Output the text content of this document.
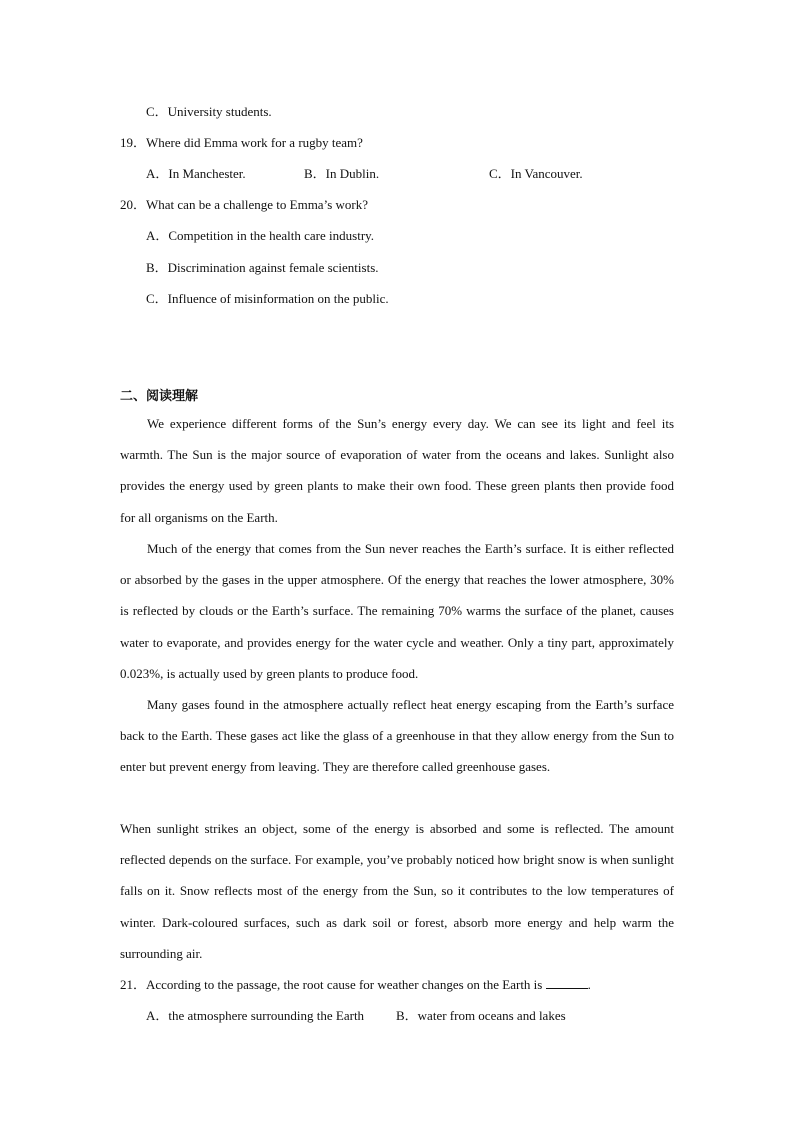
C．University students.
19．Where did Emma work for a rugby team?
A．In Manchester.	B．In Dublin.	C．In Vancouver.
20．What can be a challenge to Emma’s work?
A．Competition in the health care industry.
B．Discrimination against female scientists.
C．Influence of misinformation on the public.
二、阅读理解

We experience different forms of the Sun’s energy every day. We can see its light and feel its warmth. The Sun is the major source of evaporation of water from the oceans and lakes. Sunlight also provides the energy used by green plants to make their own food. These green plants then provide food for all organisms on the Earth.

Much of the energy that comes from the Sun never reaches the Earth’s surface. It is either reflected or absorbed by the gases in the upper atmosphere. Of the energy that reaches the lower atmosphere, 30% is reflected by clouds or the Earth’s surface. The remaining 70% warms the surface of the planet, causes water to evaporate, and provides energy for the water cycle and weather. Only a tiny part, approximately 0.023%, is actually used by green plants to produce food.

Many gases found in the atmosphere actually reflect heat energy escaping from the Earth’s surface back to the Earth. These gases act like the glass of a greenhouse in that they allow energy from the Sun to enter but prevent energy from leaving. They are therefore called greenhouse gases.

When sunlight strikes an object, some of the energy is absorbed and some is reflected. The amount reflected depends on the surface. For example, you’ve probably noticed how bright snow is when sunlight falls on it. Snow reflects most of the energy from the Sun, so it contributes to the low temperatures of winter. Dark-coloured surfaces, such as dark soil or forest, absorb more energy and help warm the surrounding air.

21．According to the passage, the root cause for weather changes on the Earth is	.
A．the atmosphere surrounding the Earth B．water from oceans and lakes
